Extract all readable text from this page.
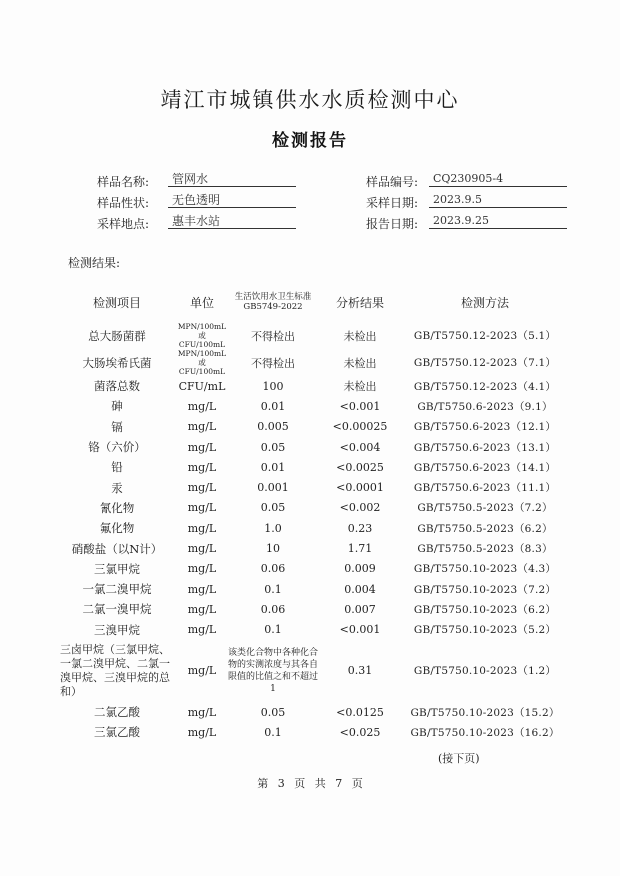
靖江市城镇供水水质检测中心
检测报告
样品名称:	管网水	样品编号:	CQ230905-4
样品性状:	无色透明	采样日期:	2023.9.5
采样地点:	惠丰水站	报告日期:	2023.9.25
检测结果:
检测项目	单位	生活饮用水卫生标准GB5749-2022	分析结果	检测方法
总大肠菌群	MPN/100mL或CFU/100mL	不得检出	未检出	GB/T5750.12-2023（5.1）
大肠埃希氏菌	MPN/100mL或CFU/100mL	不得检出	未检出	GB/T5750.12-2023（7.1）
菌落总数	CFU/mL	100	未检出	GB/T5750.12-2023（4.1）
砷	mg/L	0.01	<0.001	GB/T5750.6-2023（9.1）
镉	mg/L	0.005	<0.00025	GB/T5750.6-2023（12.1）
铬（六价）	mg/L	0.05	<0.004	GB/T5750.6-2023（13.1）
铅	mg/L	0.01	<0.0025	GB/T5750.6-2023（14.1）
汞	mg/L	0.001	<0.0001	GB/T5750.6-2023（11.1）
氰化物	mg/L	0.05	<0.002	GB/T5750.5-2023（7.2）
氟化物	mg/L	1.0	0.23	GB/T5750.5-2023（6.2）
硝酸盐（以N计）	mg/L	10	1.71	GB/T5750.5-2023（8.3）
三氯甲烷	mg/L	0.06	0.009	GB/T5750.10-2023（4.3）
一氯二溴甲烷	mg/L	0.1	0.004	GB/T5750.10-2023（7.2）
二氯一溴甲烷	mg/L	0.06	0.007	GB/T5750.10-2023（6.2）
三溴甲烷	mg/L	0.1	<0.001	GB/T5750.10-2023（5.2）
三卤甲烷（三氯甲烷、一氯二溴甲烷、二氯一溴甲烷、三溴甲烷的总和）	mg/L	该类化合物中各种化合物的实测浓度与其各自限值的比值之和不超过1	0.31	GB/T5750.10-2023（1.2）
二氯乙酸	mg/L	0.05	<0.0125	GB/T5750.10-2023（15.2）
三氯乙酸	mg/L	0.1	<0.025	GB/T5750.10-2023（16.2）
(接下页)
第 3 页 共 7 页
